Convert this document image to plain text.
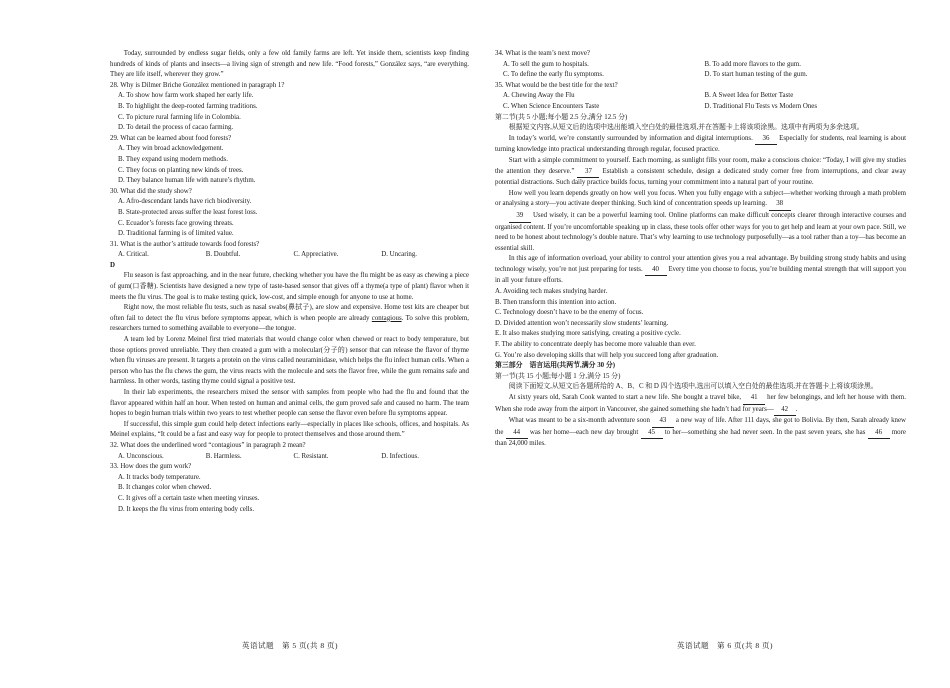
Today, surrounded by endless sugar fields, only a few old family farms are left. Yet inside them, scientists keep finding hundreds of kinds of plants and insects—a living sign of strength and new life. “Food forests,” González says, “are everything. They are life itself, wherever they grow.”

28. Why is Dilmer Briche González mentioned in paragraph 1?

A. To show how farm work shaped her early life.

B. To highlight the deep-rooted farming traditions.

C. To picture rural farming life in Colombia.

D. To detail the process of cacao farming.

29. What can be learned about food forests?

A. They win broad acknowledgement.

B. They expand using modern methods.

C. They focus on planting new kinds of trees.

D. They balance human life with nature’s rhythm.

30. What did the study show?

A. Afro-descendant lands have rich biodiversity.

B. State-protected areas suffer the least forest loss.

C. Ecuador’s forests face growing threats.

D. Traditional farming is of limited value.

31. What is the author’s attitude towards food forests?

A. Critical.	B. Doubtful.	C. Appreciative.	D. Uncaring.

D

Flu season is fast approaching, and in the near future, checking whether you have the flu might be as easy as chewing a piece of gum(口香糖). Scientists have designed a new type of taste-based sensor that gives off a thyme(a type of plant) flavor when it meets the flu virus. The goal is to make testing quick, low-cost, and simple enough for anyone to use at home.

Right now, the most reliable flu tests, such as nasal swabs(鼻拭子), are slow and expensive. Home test kits are cheaper but often fail to detect the flu virus before symptoms appear, which is when people are already contagious. To solve this problem, researchers turned to something available to everyone—the tongue.

A team led by Lorenz Meinel first tried materials that would change color when chewed or react to body temperature, but those options proved unreliable. They then created a gum with a molecular(分子的) sensor that can release the flavor of thyme when flu viruses are present. It targets a protein on the virus called neuraminidase, which helps the flu infect human cells. When a person who has the flu chews the gum, the virus reacts with the molecule and sets the flavor free, while the gum remains safe and harmless. In other words, tasting thyme could signal a positive test.

In their lab experiments, the researchers mixed the sensor with samples from people who had the flu and found that the flavor appeared within half an hour. When tested on human and animal cells, the gum proved safe and caused no harm. The team hopes to begin human trials within two years to test whether people can sense the flavor even before flu symptoms appear.

If successful, this simple gum could help detect infections early—especially in places like schools, offices, and hospitals. As Meinel explains, “It could be a fast and easy way for people to protect themselves and those around them.”

32. What does the underlined word “contagious” in paragraph 2 mean?

A. Unconscious.	B. Harmless.	C. Resistant.	D. Infectious.

33. How does the gum work?

A. It tracks body temperature.

B. It changes color when chewed.

C. It gives off a certain taste when meeting viruses.

D. It keeps the flu virus from entering body cells.

英语试题　第 5 页(共 8 页)

34. What is the team’s next move?

A. To sell the gum to hospitals.	B. To add more flavors to the gum.
C. To define the early flu symptoms.	D. To start human testing of the gum.

35. What would be the best title for the text?

A. Chewing Away the Flu	B. A Sweet Idea for Better Taste
C. When Science Encounters Taste	D. Traditional Flu Tests vs Modern Ones

第二节(共 5 小题;每小题 2.5 分,满分 12.5 分)

根据短文内容,从短文后的选项中选出能填入空白处的最佳选项,并在答题卡上将该项涂黑。选项中有两项为多余选项。

In today’s world, we’re constantly surrounded by information and digital interruptions. 36 Especially for students, real learning is about turning knowledge into practical understanding through regular, focused practice.

Start with a simple commitment to yourself. Each morning, as sunlight fills your room, make a conscious choice: “Today, I will give my studies the attention they deserve.” 37 Establish a consistent schedule, design a dedicated study corner free from interruptions, and clear away potential distractions. Such daily practice builds focus, turning your commitment into a natural part of your routine.

How well you learn depends greatly on how well you focus. When you fully engage with a subject—whether working through a math problem or analysing a story—you activate deeper thinking. Such kind of concentration speeds up learning. 38

39 Used wisely, it can be a powerful learning tool. Online platforms can make difficult concepts clearer through interactive courses and organised content. If you’re uncomfortable speaking up in class, these tools offer other ways for you to get help and learn at your own pace. Still, we need to be honest about technology’s double nature. That’s why learning to use technology purposefully—as a tool rather than a toy—has become an essential skill.

In this age of information overload, your ability to control your attention gives you a real advantage. By building strong study habits and using technology wisely, you’re not just preparing for tests. 40 Every time you choose to focus, you’re building mental strength that will support you in all your future efforts.

A. Avoiding tech makes studying harder.

B. Then transform this intention into action.

C. Technology doesn’t have to be the enemy of focus.

D. Divided attention won’t necessarily slow students’ learning.

E. It also makes studying more satisfying, creating a positive cycle.

F. The ability to concentrate deeply has become more valuable than ever.

G. You’re also developing skills that will help you succeed long after graduation.

第三部分　语言运用(共两节,满分 30 分)

第一节(共 15 小题;每小题 1 分,满分 15 分)

阅读下面短文,从短文后各题所给的 A、B、C 和 D 四个选项中,选出可以填入空白处的最佳选项,并在答题卡上将该项涂黑。

At sixty years old, Sarah Cook wanted to start a new life. She bought a travel bike, 41 her few belongings, and left her house with them. When she rode away from the airport in Vancouver, she gained something she hadn’t had for years— 42 .

What was meant to be a six-month adventure soon 43 a new way of life. After 111 days, she got to Bolivia. By then, Sarah already knew the 44 was her home—each new day brought 45 to her—something she had never seen. In the past seven years, she has 46 more than 24,000 miles.

英语试题　第 6 页(共 8 页)
